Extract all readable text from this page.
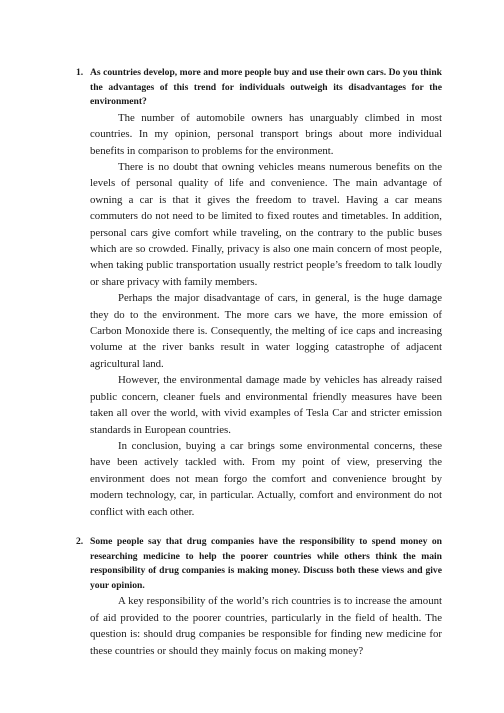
1. As countries develop, more and more people buy and use their own cars. Do you think the advantages of this trend for individuals outweigh its disadvantages for the environment?

The number of automobile owners has unarguably climbed in most countries. In my opinion, personal transport brings about more individual benefits in comparison to problems for the environment.

There is no doubt that owning vehicles means numerous benefits on the levels of personal quality of life and convenience. The main advantage of owning a car is that it gives the freedom to travel. Having a car means commuters do not need to be limited to fixed routes and timetables. In addition, personal cars give comfort while traveling, on the contrary to the public buses which are so crowded. Finally, privacy is also one main concern of most people, when taking public transportation usually restrict people’s freedom to talk loudly or share privacy with family members.

Perhaps the major disadvantage of cars, in general, is the huge damage they do to the environment. The more cars we have, the more emission of Carbon Monoxide there is. Consequently, the melting of ice caps and increasing volume at the river banks result in water logging catastrophe of adjacent agricultural land.

However, the environmental damage made by vehicles has already raised public concern, cleaner fuels and environmental friendly measures have been taken all over the world, with vivid examples of Tesla Car and stricter emission standards in European countries.

In conclusion, buying a car brings some environmental concerns, these have been actively tackled with. From my point of view, preserving the environment does not mean forgo the comfort and convenience brought by modern technology, car, in particular. Actually, comfort and environment do not conflict with each other.

2. Some people say that drug companies have the responsibility to spend money on researching medicine to help the poorer countries while others think the main responsibility of drug companies is making money. Discuss both these views and give your opinion.

A key responsibility of the world’s rich countries is to increase the amount of aid provided to the poorer countries, particularly in the field of health. The question is: should drug companies be responsible for finding new medicine for these countries or should they mainly focus on making money?
